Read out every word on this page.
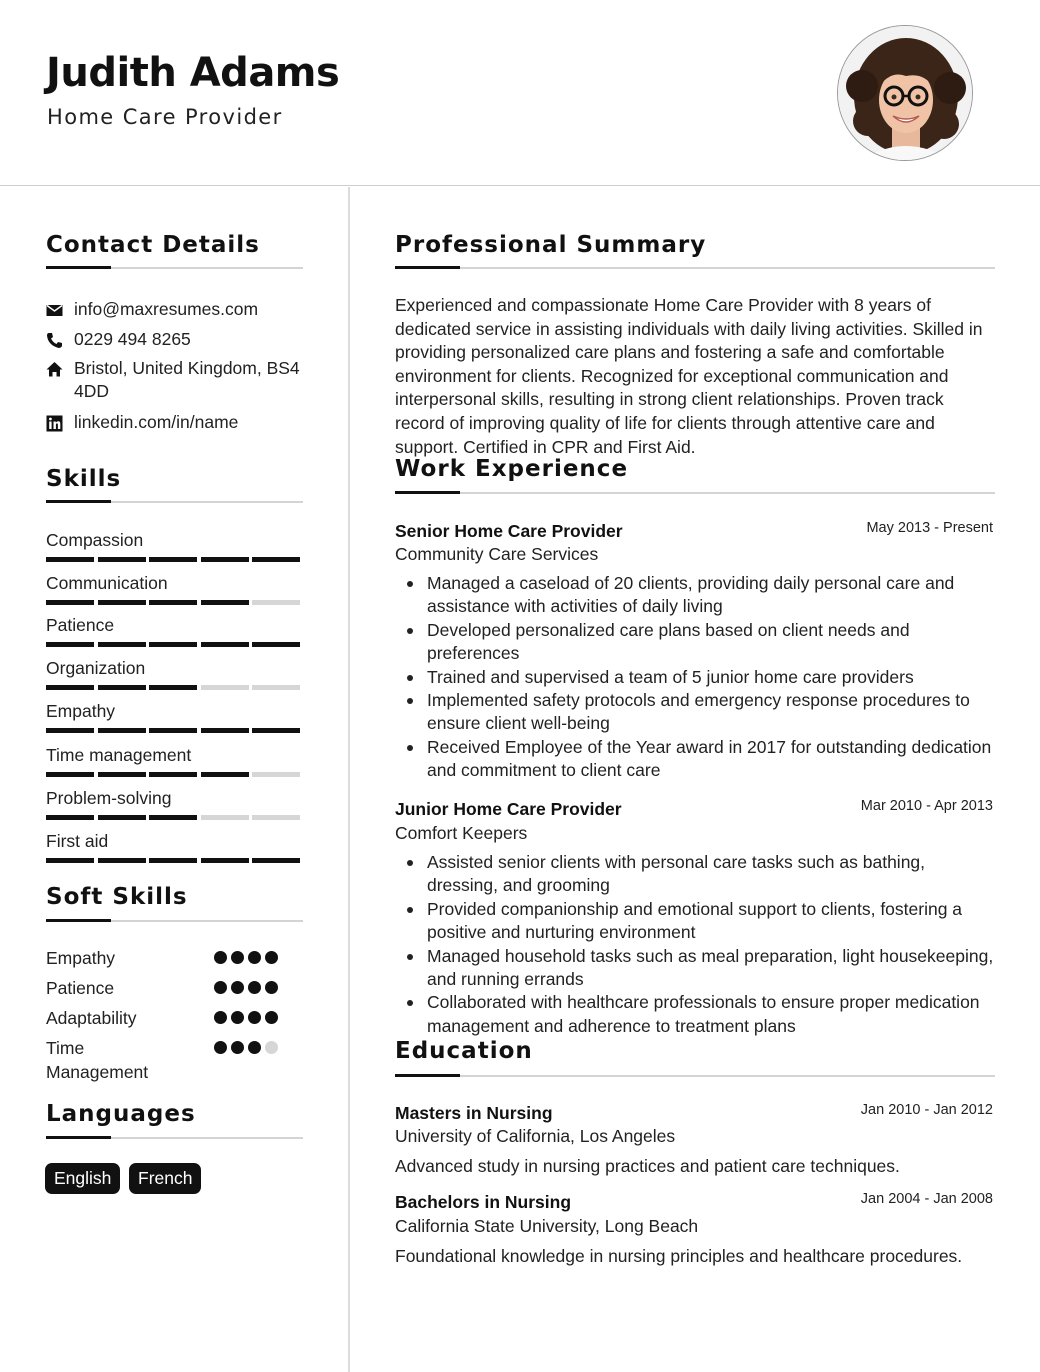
Judith Adams
Home Care Provider
Contact Details
info@maxresumes.com
0229 494 8265
Bristol, United Kingdom, BS4 4DD
linkedin.com/in/name
Skills
Compassion
Communication
Patience
Organization
Empathy
Time management
Problem-solving
First aid
Soft Skills
Empathy
Patience
Adaptability
Time Management
Languages
English	French
Professional Summary
Experienced and compassionate Home Care Provider with 8 years of dedicated service in assisting individuals with daily living activities. Skilled in providing personalized care plans and fostering a safe and comfortable environment for clients. Recognized for exceptional communication and interpersonal skills, resulting in strong client relationships. Proven track record of improving quality of life for clients through attentive care and support. Certified in CPR and First Aid.
Work Experience
Senior Home Care Provider	May 2013 - Present
Community Care Services
Managed a caseload of 20 clients, providing daily personal care and assistance with activities of daily living
Developed personalized care plans based on client needs and preferences
Trained and supervised a team of 5 junior home care providers
Implemented safety protocols and emergency response procedures to ensure client well-being
Received Employee of the Year award in 2017 for outstanding dedication and commitment to client care
Junior Home Care Provider	Mar 2010 - Apr 2013
Comfort Keepers
Assisted senior clients with personal care tasks such as bathing, dressing, and grooming
Provided companionship and emotional support to clients, fostering a positive and nurturing environment
Managed household tasks such as meal preparation, light housekeeping, and running errands
Collaborated with healthcare professionals to ensure proper medication management and adherence to treatment plans
Education
Masters in Nursing	Jan 2010 - Jan 2012
University of California, Los Angeles
Advanced study in nursing practices and patient care techniques.
Bachelors in Nursing	Jan 2004 - Jan 2008
California State University, Long Beach
Foundational knowledge in nursing principles and healthcare procedures.
